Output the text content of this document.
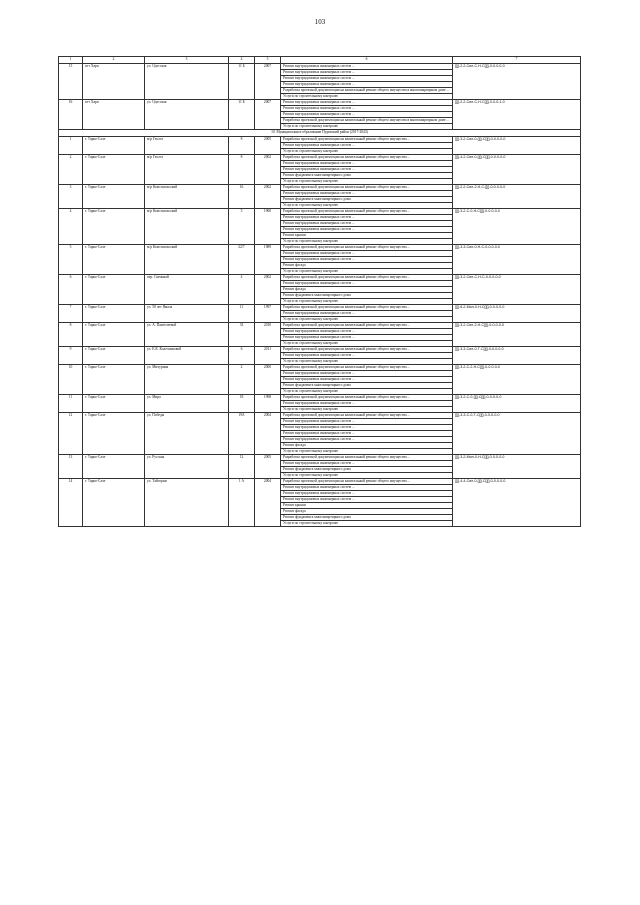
103
1	2	3	4	5	6	7
15	пгт Харп	ул. Одесская	11 Б	2007	Ремонт внутридомовых инженерных систем ...	[][]-2-2-Сил-С-Н-С[][]-0-0-0-0-0
					Ремонт внутридомовых инженерных систем ...	
					Ремонт внутридомовых инженерных систем ...	
					Ремонт внутридомовых инженерных систем ...	
					Разработка проектной документации на капитальный ремонт общего имущества в многоквартирном доме ...	
					Услуги по строительному контролю	
16	пгт Харп	ул. Одесская	11 Б	2007	Ремонт внутридомовых инженерных систем ...	[][]-2-2-Сил-С-Н-С[][]-0-0-0-1-0
					Ремонт внутридомовых инженерных систем ...	
					Ремонт внутридомовых инженерных систем ...	
					Разработка проектной документации на капитальный ремонт общего имущества в многоквартирном доме ...	
					Услуги по строительному контролю	
10. Муниципальное образование Пуровский район (2017-2043)						
1	г. Тарко-Сале	м/р Геолог	8	2005	Разработка проектной документации на капитальный ремонт общего имущества ...	[][]-3-2-Сил-0-[][]-С[][]-0-0-0-0-0
					Ремонт внутридомовых инженерных систем ...	
					Услуги по строительному контролю	
2	г. Тарко-Сале	м/р Геолог	8	2002	Разработка проектной документации на капитальный ремонт общего имущества ...	[][]-4-2-Сил-0-[][]-С[][]-0-0-0-0-0
					Ремонт внутридомовых инженерных систем ...	
					Ремонт внутридомовых инженерных систем ...	
					Ремонт фундамента многоквартирного дома	
					Услуги по строительному контролю	
3	г. Тарко-Сале	м/р Комсомольский	16	2002	Разработка проектной документации на капитальный ремонт общего имущества ...	[][]-2-2-Сил-2-Н-С-[][]-0-0-0-0-0
					Ремонт внутридомовых инженерных систем ...	
					Ремонт фундамента многоквартирного дома	
					Услуги по строительному контролю	
4	г. Тарко-Сале	м/р Комсомольский	5	1960	Разработка проектной документации на капитальный ремонт общего имущества ...	[][]-3-2-С-0-Н-С[][]-0-0-0-0-0
					Ремонт внутридомовых инженерных систем ...	
					Ремонт внутридомовых инженерных систем ...	
					Ремонт внутридомовых инженерных систем ...	
					Ремонт крыши	
					Услуги по строительному контролю	
5	г. Тарко-Сале	м/р Комсомольский	22/7	1989	Разработка проектной документации на капитальный ремонт общего имущества ...	[][]-3-3-Сил-0-Н-С-0-0-0-0-0
					Ремонт внутридомовых инженерных систем ...	
					Ремонт внутридомовых инженерных систем ...	
					Ремонт фасада	
					Услуги по строительному контролю	
6	г. Тарко-Сале	пер. Снежный	4	2002	Разработка проектной документации на капитальный ремонт общего имущества ...	[][]-3-2-Сил-С-Н-С-0-0-0-0-0
					Ремонт внутридомовых инженерных систем ...	
					Ремонт фасада	
					Ремонт фундамента многоквартирного дома	
					Услуги по строительному контролю	
7	г. Тарко-Сале	ул. 50 лет Ямала	11	1997	Разработка проектной документации на капитальный ремонт общего имущества ...	[][]-6-2-Мил-0-Н-С[][]-0-0-0-0-0
					Ремонт внутридомовых инженерных систем ...	
					Услуги по строительному контролю	
8	г. Тарко-Сале	ул. А. Пантелеевой	33	2010	Разработка проектной документации на капитальный ремонт общего имущества ...	[][]-3-2-Сил-2-Н-С[][]-0-0-0-0-0
					Ремонт внутридомовых инженерных систем ...	
					Ремонт внутридомовых инженерных систем ...	
					Услуги по строительному контролю	
9	г. Тарко-Сале	ул. Е.К. Колесниковой	6	2011	Разработка проектной документации на капитальный ремонт общего имущества ...	[][]-3-3-Сил-0-Т-С[][]-0-0-0-0-0
					Ремонт внутридомовых инженерных систем ...	
					Услуги по строительному контролю	
10	г. Тарко-Сале	ул. Мичурина	2	2000	Разработка проектной документации на капитальный ремонт общего имущества ...	[][]-3-2-С-2-Н-С[][]-0-0-0-0-0
					Ремонт внутридомовых инженерных систем ...	
					Ремонт внутридомовых инженерных систем ...	
					Ремонт фундамента многоквартирного дома	
					Услуги по строительному контролю	
11	г. Тарко-Сале	ул. Мира	18	1998	Разработка проектной документации на капитальный ремонт общего имущества ...	[][]-3-2-С-0-[][]-С[][]-0-0-0-0-0
					Ремонт внутридомовых инженерных систем ...	
					Услуги по строительному контролю	
12	г. Тарко-Сале	ул. Победы	19А	2004	Разработка проектной документации на капитальный ремонт общего имущества ...	[][]-3-3-С-0-Т-С[][]-0-0-0-0-0
					Ремонт внутридомовых инженерных систем ...	
					Ремонт внутридомовых инженерных систем ...	
					Ремонт внутридомовых инженерных систем ...	
					Ремонт внутридомовых инженерных систем ...	
					Ремонт фасада	
					Услуги по строительному контролю	
13	г. Тарко-Сале	ул. Русская	12	2005	Разработка проектной документации на капитальный ремонт общего имущества ...	[][]-3-2-Мил-0-Н-С[][]-0-0-0-0-0
					Ремонт внутридомовых инженерных систем ...	
					Ремонт фундамента многоквартирного дома	
					Услуги по строительному контролю	
14	г. Тарко-Сале	ул. Тайгорин	1 А	2004	Разработка проектной документации на капитальный ремонт общего имущества ...	[][]-4-4-Сил-0-[][]-С[][]-0-0-0-0-0
					Ремонт внутридомовых инженерных систем ...	
					Ремонт внутридомовых инженерных систем ...	
					Ремонт внутридомовых инженерных систем ...	
					Ремонт крыши	
					Ремонт фасада	
					Ремонт фундамента многоквартирного дома	
					Услуги по строительному контролю	
